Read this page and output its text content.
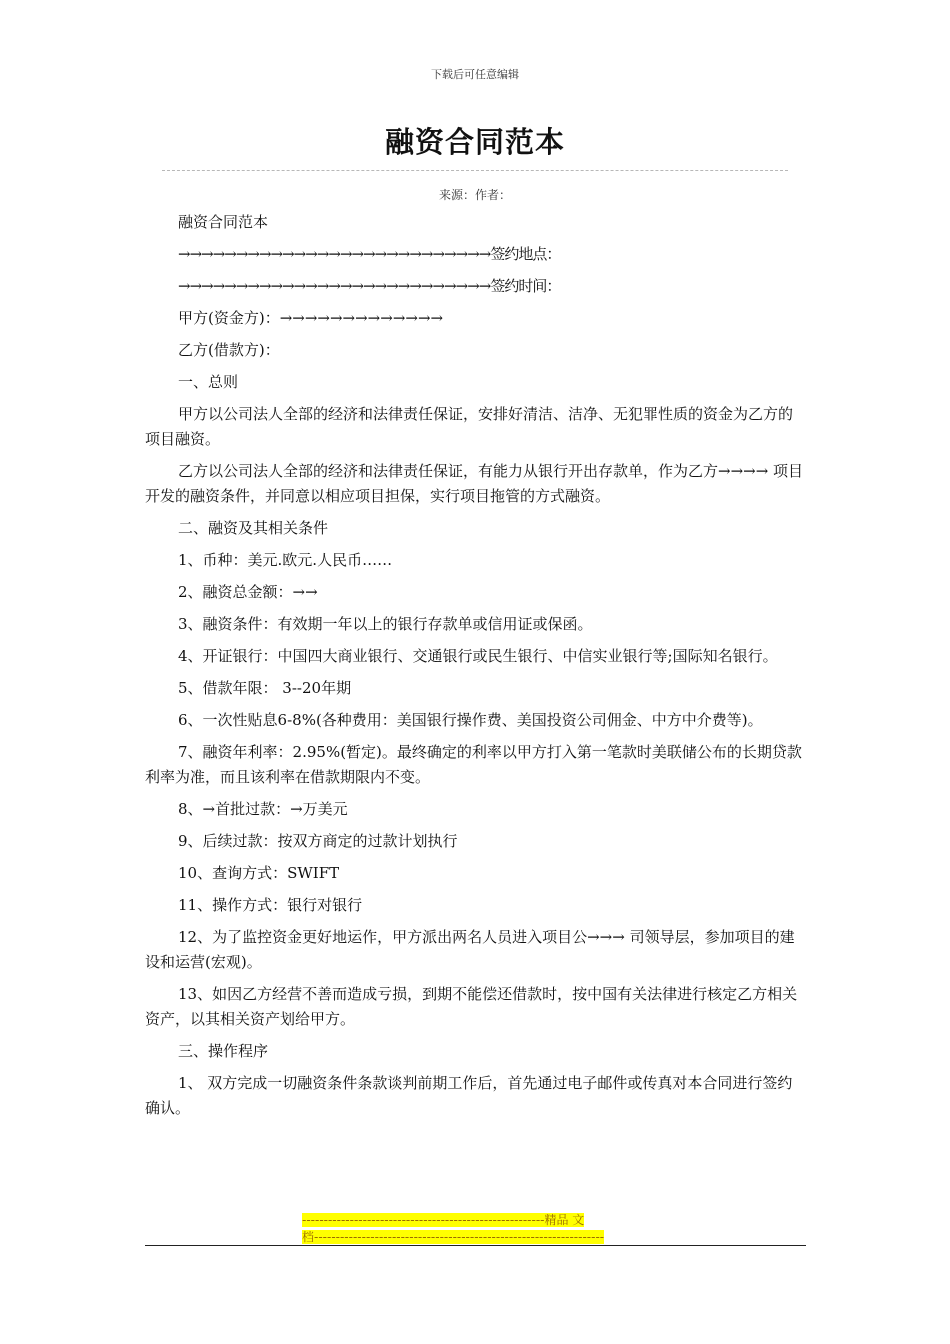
下载后可任意编辑
融资合同范本
来源：作者：

融资合同范本

→→→→→→→→→→→→→→→→→→→→→→→→→→→签约地点：

→→→→→→→→→→→→→→→→→→→→→→→→→→→签约时间：

甲方(资金方)：→→→→→→→→→→→→→

乙方(借款方)：

一、总则

甲方以公司法人全部的经济和法律责任保证，安排好清洁、洁净、无犯罪性质的资金为乙方的项目融资。

乙方以公司法人全部的经济和法律责任保证，有能力从银行开出存款单，作为乙方→→→→ 项目开发的融资条件，并同意以相应项目担保，实行项目拖管的方式融资。

二、融资及其相关条件

1、币种：美元.欧元.人民币……

2、融资总金额：→→

3、融资条件：有效期一年以上的银行存款单或信用证或保函。

4、开证银行：中国四大商业银行、交通银行或民生银行、中信实业银行等;国际知名银行。

5、借款年限： 3--20年期

6、一次性贴息6-8%(各种费用：美国银行操作费、美国投资公司佣金、中方中介费等)。

7、融资年利率：2.95%(暂定)。最终确定的利率以甲方打入第一笔款时美联储公布的长期贷款利率为准，而且该利率在借款期限内不变。

8、→首批过款：→万美元

9、后续过款：按双方商定的过款计划执行

10、查询方式：SWIFT

11、操作方式：银行对银行

12、为了监控资金更好地运作，甲方派出两名人员进入项目公→→→ 司领导层，参加项目的建设和运营(宏观)。

13、如因乙方经营不善而造成亏损，到期不能偿还借款时，按中国有关法律进行核定乙方相关资产，以其相关资产划给甲方。

三、操作程序

1、 双方完成一切融资条件条款谈判前期工作后，首先通过电子邮件或传真对本合同进行签约确认。

--------------------------------------------------------精品 文
档-------------------------------------------------------------------
